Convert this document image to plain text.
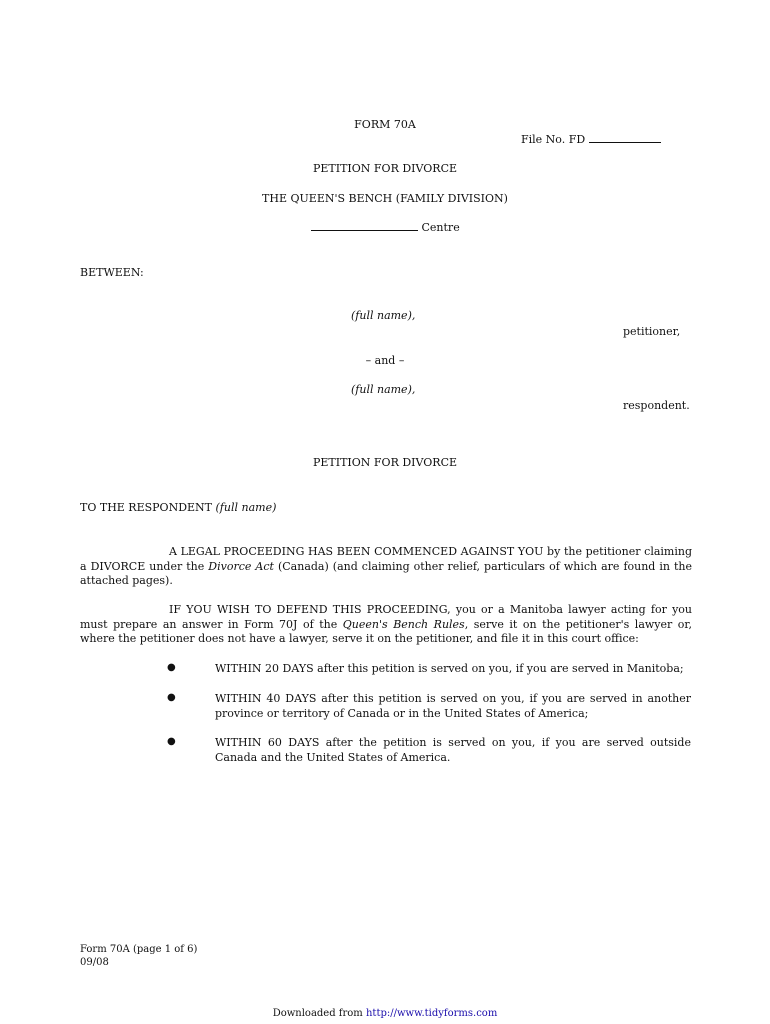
FORM 70A
File No. FD
PETITION FOR DIVORCE
THE QUEEN'S BENCH (FAMILY DIVISION)
Centre
BETWEEN:
(full name),
petitioner,
– and –
(full name),
respondent.
PETITION FOR DIVORCE
TO THE RESPONDENT (full name)
A LEGAL PROCEEDING HAS BEEN COMMENCED AGAINST YOU by the petitioner claiming a DIVORCE under the Divorce Act (Canada) (and claiming other relief, particulars of which are found in the attached pages).
IF YOU WISH TO DEFEND THIS PROCEEDING, you or a Manitoba lawyer acting for you must prepare an answer in Form 70J of the Queen's Bench Rules, serve it on the petitioner's lawyer or, where the petitioner does not have a lawyer, serve it on the petitioner, and file it in this court office:
●	WITHIN 20 DAYS after this petition is served on you, if you are served in Manitoba;
●	WITHIN 40 DAYS after this petition is served on you, if you are served in another province or territory of Canada or in the United States of America;
●	WITHIN 60 DAYS after the petition is served on you, if you are served outside Canada and the United States of America.
Form 70A (page 1 of 6)
09/08
Downloaded from http://www.tidyforms.com
